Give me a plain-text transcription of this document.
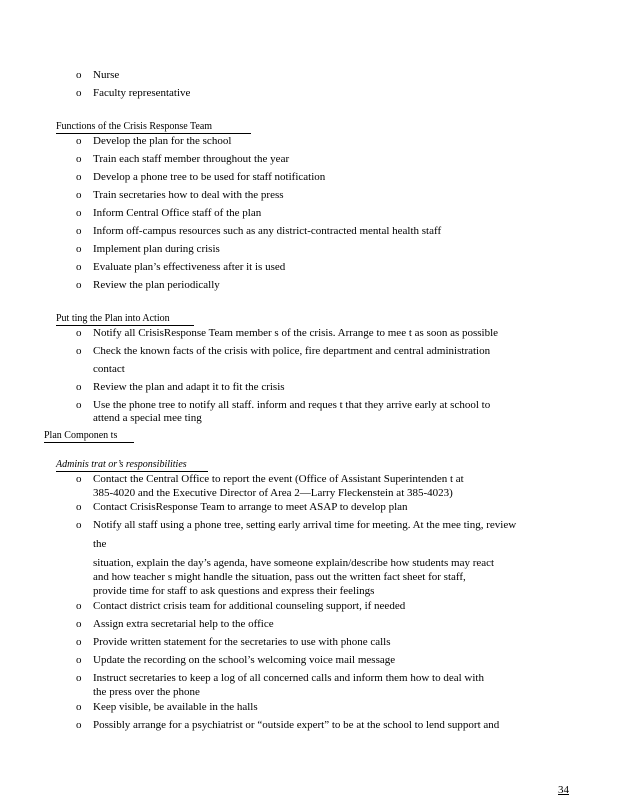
o	Nurse
o	Faculty representative
Functions of the Crisis Response Team
o	Develop the plan for the school
o	Train each staff member throughout the year
o	Develop a phone tree to be used for staff notification
o	Train secretaries how to deal with the press
o	Inform Central Office staff of the plan
o	Inform off-campus resources such as any district-contracted mental health staff
o	Implement plan during crisis
o	Evaluate plan’s effectiveness after it is used
o	Review the plan periodically
Put ting the Plan into Action
o	Notify all CrisisResponse Team member s of the crisis. Arrange to mee t as soon as possible
o	Check the known facts of the crisis with police, fire department and central administration
contact
o	Review the plan and adapt it to fit the crisis
o	Use the phone tree to notify all staff. inform and reques t that they arrive early at school to
attend a special mee ting
Plan Componen ts
Adminis trat or’s responsibilities
o	Contact the Central Office to report the event (Office of Assistant Superintenden t at
385-4020 and the Executive Director of Area 2—Larry Fleckenstein at 385-4023)
o	Contact CrisisResponse Team to arrange to meet ASAP to develop plan
o	Notify all staff using a phone tree, setting early arrival time for meeting. At the mee ting, review
the
situation, explain the day’s agenda, have someone explain/describe how students may react
and how teacher s might handle the situation, pass out the written fact sheet for staff,
provide time for staff to ask questions and express their feelings
o	Contact district crisis team for additional counseling support, if needed
o	Assign extra secretarial help to the office
o	Provide written statement for the secretaries to use with phone calls
o	Update the recording on the school’s welcoming voice mail message
o	Instruct secretaries to keep a log of all concerned calls and inform them how to deal with
the press over the phone
o	Keep visible, be available in the halls
o	Possibly arrange for a psychiatrist or “outside expert” to be at the school to lend support and
34
